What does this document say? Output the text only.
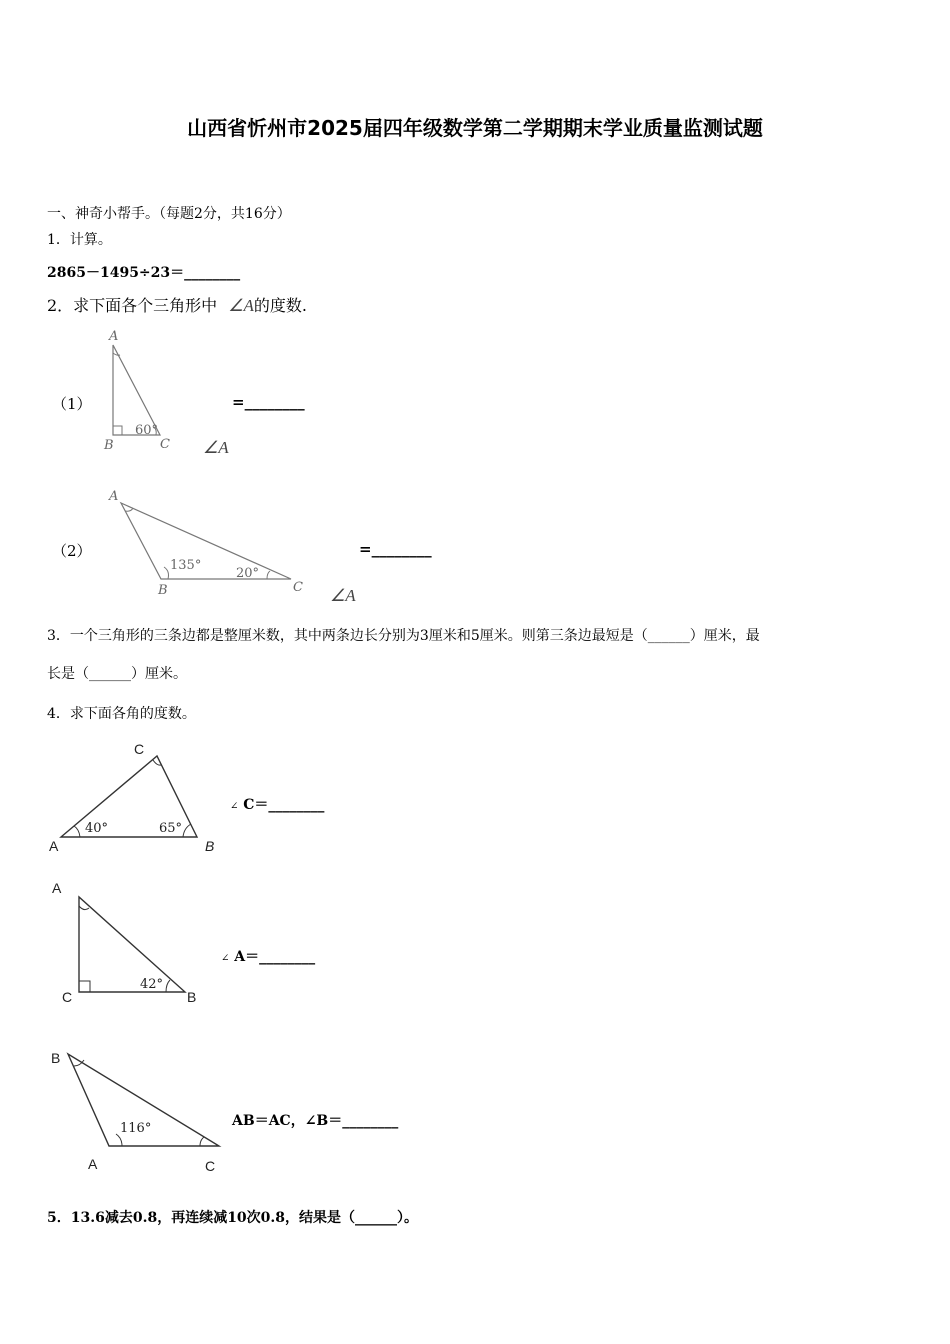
山西省忻州市2025届四年级数学第二学期期末学业质量监测试题
一、神奇小帮手。（每题2分，共16分）
1．计算。
2865－1495÷23＝________
2．求下面各个三角形中 ∠A的度数.
（1）
A
B	C
60°
=________
∠A
（2）
A
B	C
135°
20°
=________
∠A
3．一个三角形的三条边都是整厘米数，其中两条边长分别为3厘米和5厘米。则第三条边最短是（______）厘米，最
长是（______）厘米。
4．求下面各角的度数。
A	B
C
40°	65°
∠ C＝________
A
B
C
42°
∠ A＝________
B
A	C
116°	AB＝AC，∠B＝________
5．13.6减去0.8，再连续减10次0.8，结果是（______）。
